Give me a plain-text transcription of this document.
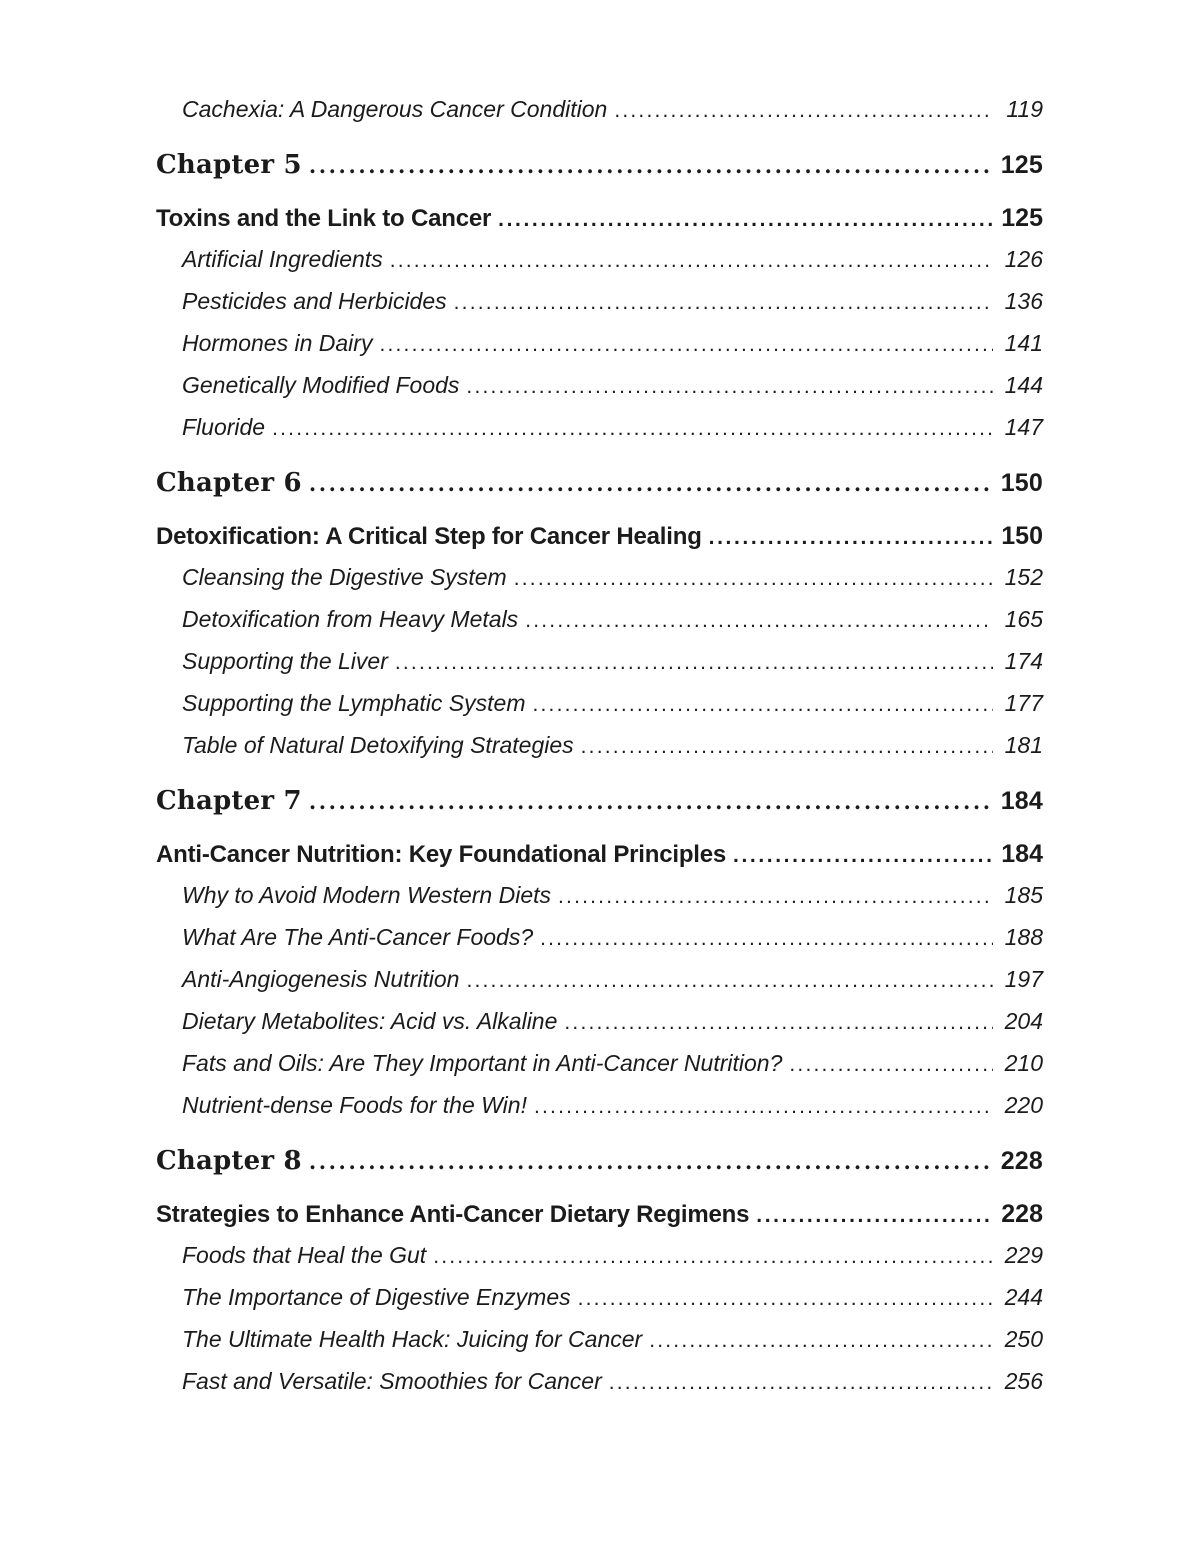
Cachexia: A Dangerous Cancer Condition .....	119
Chapter 5 .....	125
Toxins and the Link to Cancer .....	125
Artificial Ingredients .....	126
Pesticides and Herbicides .....	136
Hormones in Dairy .....	141
Genetically Modified Foods .....	144
Fluoride .....	147
Chapter 6 .....	150
Detoxification: A Critical Step for Cancer Healing .....	150
Cleansing the Digestive System .....	152
Detoxification from Heavy Metals .....	165
Supporting the Liver .....	174
Supporting the Lymphatic System .....	177
Table of Natural Detoxifying Strategies .....	181
Chapter 7 .....	184
Anti-Cancer Nutrition: Key Foundational Principles .....	184
Why to Avoid Modern Western Diets .....	185
What Are The Anti-Cancer Foods? .....	188
Anti-Angiogenesis Nutrition .....	197
Dietary Metabolites: Acid vs. Alkaline .....	204
Fats and Oils: Are They Important in Anti-Cancer Nutrition? .....	210
Nutrient-dense Foods for the Win! .....	220
Chapter 8 .....	228
Strategies to Enhance Anti-Cancer Dietary Regimens .....	228
Foods that Heal the Gut .....	229
The Importance of Digestive Enzymes .....	244
The Ultimate Health Hack: Juicing for Cancer .....	250
Fast and Versatile: Smoothies for Cancer .....	256
